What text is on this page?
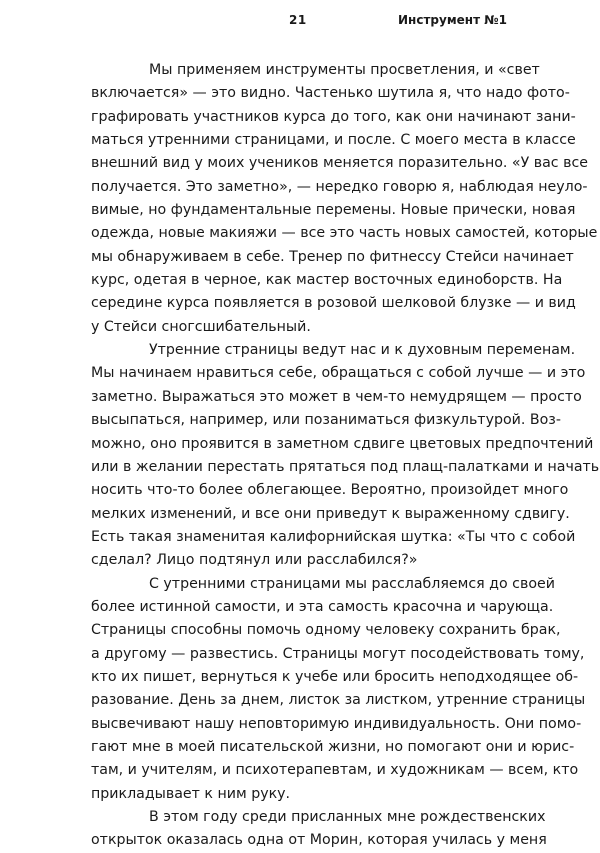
21	Инструмент №1
Мы применяем инструменты просветления, и «свет
включается» — это видно. Частенько шутила я, что надо фото-
графировать участников курса до того, как они начинают зани-
маться утренними страницами, и после. С моего места в классе
внешний вид у моих учеников меняется поразительно. «У вас все
получается. Это заметно», — нередко говорю я, наблюдая неуло-
вимые, но фундаментальные перемены. Новые прически, новая
одежда, новые макияжи — все это часть новых самостей, которые
мы обнаруживаем в себе. Тренер по фитнессу Стейси начинает
курс, одетая в черное, как мастер восточных единоборств. На
середине курса появляется в розовой шелковой блузке — и вид
у Стейси сногсшибательный.
Утренние страницы ведут нас и к духовным переменам.
Мы начинаем нравиться себе, обращаться с собой лучше — и это
заметно. Выражаться это может в чем-то немудрящем — просто
высыпаться, например, или позаниматься физкультурой. Воз-
можно, оно проявится в заметном сдвиге цветовых предпочтений
или в желании перестать прятаться под плащ-палатками и начать
носить что-то более облегающее. Вероятно, произойдет много
мелких изменений, и все они приведут к выраженному сдвигу.
Есть такая знаменитая калифорнийская шутка: «Ты что с собой
сделал? Лицо подтянул или расслабился?»
С утренними страницами мы расслабляемся до своей
более истинной самости, и эта самость красочна и чарующа.
Страницы способны помочь одному человеку сохранить брак,
а другому — развестись. Страницы могут посодействовать тому,
кто их пишет, вернуться к учебе или бросить неподходящее об-
разование. День за днем, листок за листком, утренние страницы
высвечивают нашу неповторимую индивидуальность. Они помо-
гают мне в моей писательской жизни, но помогают они и юрис-
там, и учителям, и психотерапевтам, и художникам — всем, кто
прикладывает к ним руку.
В этом году среди присланных мне рождественских
открыток оказалась одна от Морин, которая училась у меня
